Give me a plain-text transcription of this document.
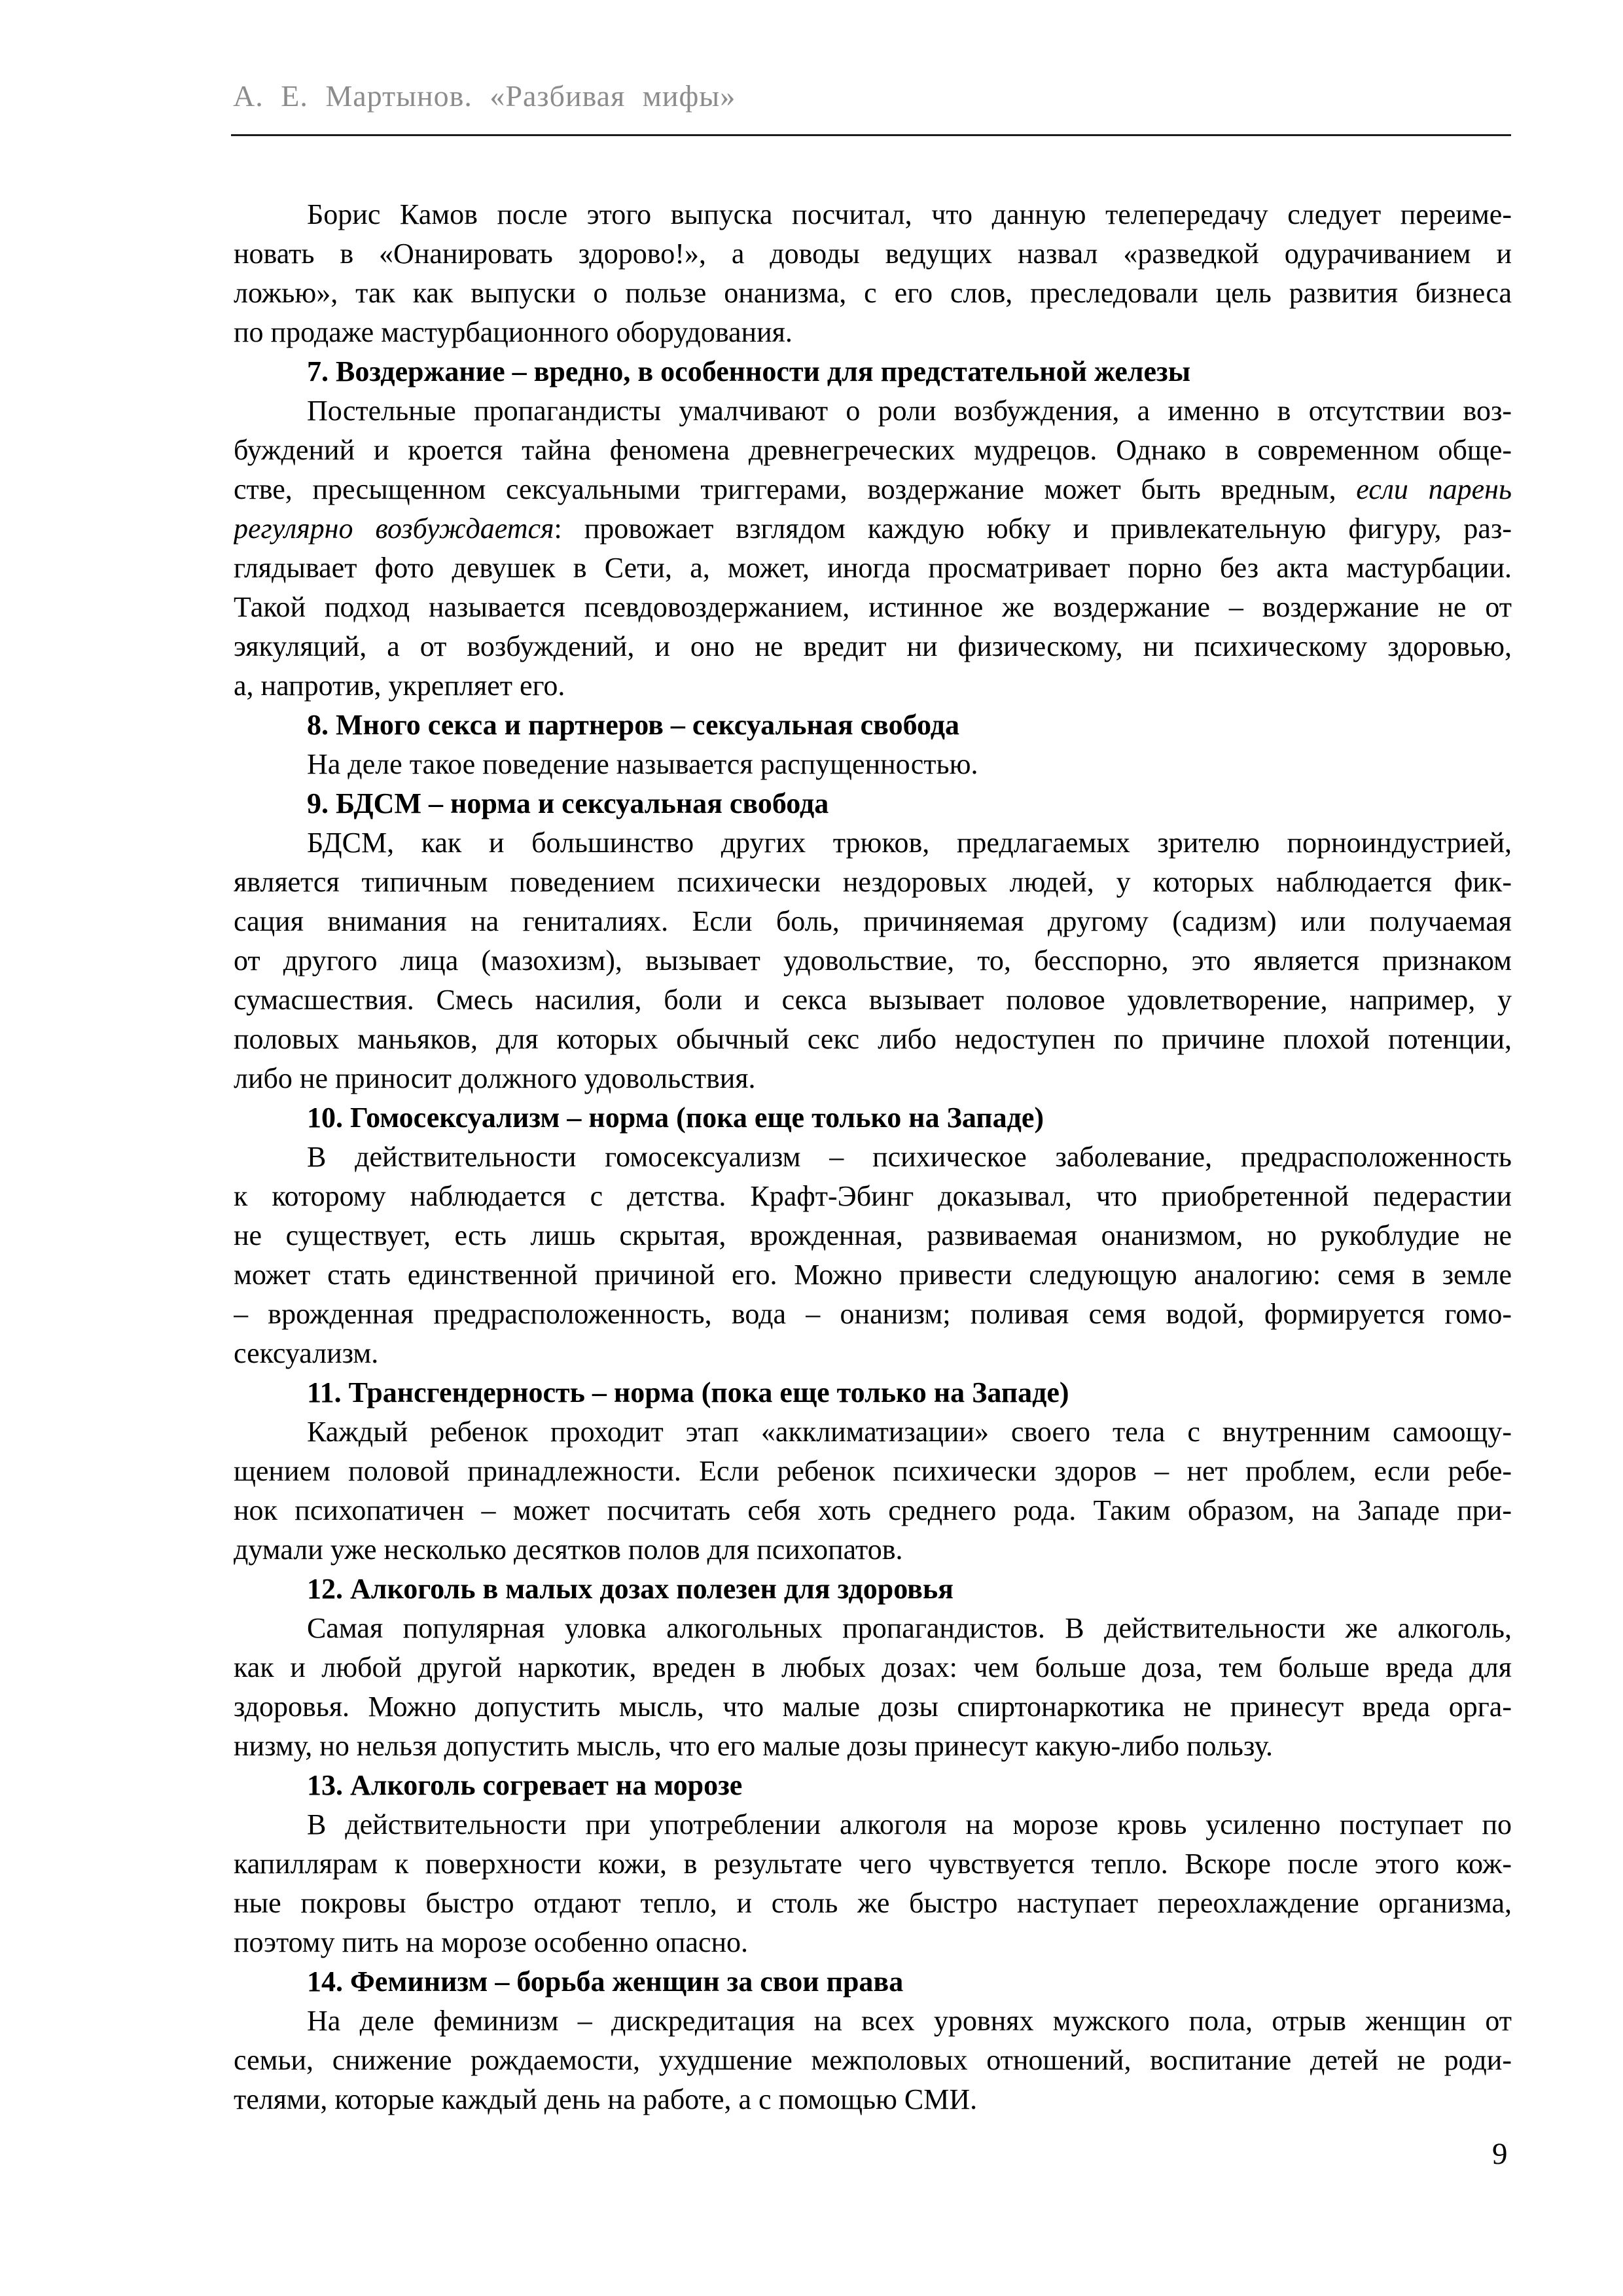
А. Е. Мартынов. «Разбивая мифы»
Борис Камов после этого выпуска посчитал, что данную телепередачу следует переиме-
новать в «Онанировать здорово!», а доводы ведущих назвал «разведкой одурачиванием и
ложью», так как выпуски о пользе онанизма, с его слов, преследовали цель развития бизнеса
по продаже мастурбационного оборудования.
7. Воздержание – вредно, в особенности для предстательной железы
Постельные пропагандисты умалчивают о роли возбуждения, а именно в отсутствии воз-
буждений и кроется тайна феномена древнегреческих мудрецов. Однако в современном обще-
стве, пресыщенном сексуальными триггерами, воздержание может быть вредным, если парень
регулярно возбуждается: провожает взглядом каждую юбку и привлекательную фигуру, раз-
глядывает фото девушек в Сети, а, может, иногда просматривает порно без акта мастурбации.
Такой подход называется псевдовоздержанием, истинное же воздержание – воздержание не от
эякуляций, а от возбуждений, и оно не вредит ни физическому, ни психическому здоровью,
а, напротив, укрепляет его.
8. Много секса и партнеров – сексуальная свобода
На деле такое поведение называется распущенностью.
9. БДСМ – норма и сексуальная свобода
БДСМ, как и большинство других трюков, предлагаемых зрителю порноиндустрией,
является типичным поведением психически нездоровых людей, у которых наблюдается фик-
сация внимания на гениталиях. Если боль, причиняемая другому (садизм) или получаемая
от другого лица (мазохизм), вызывает удовольствие, то, бесспорно, это является признаком
сумасшествия. Смесь насилия, боли и секса вызывает половое удовлетворение, например, у
половых маньяков, для которых обычный секс либо недоступен по причине плохой потенции,
либо не приносит должного удовольствия.
10. Гомосексуализм – норма (пока еще только на Западе)
В действительности гомосексуализм – психическое заболевание, предрасположенность
к которому наблюдается с детства. Крафт-Эбинг доказывал, что приобретенной педерастии
не существует, есть лишь скрытая, врожденная, развиваемая онанизмом, но рукоблудие не
может стать единственной причиной его. Можно привести следующую аналогию: семя в земле
– врожденная предрасположенность, вода – онанизм; поливая семя водой, формируется гомо-
сексуализм.
11. Трансгендерность – норма (пока еще только на Западе)
Каждый ребенок проходит этап «акклиматизации» своего тела с внутренним самоощу-
щением половой принадлежности. Если ребенок психически здоров – нет проблем, если ребе-
нок психопатичен – может посчитать себя хоть среднего рода. Таким образом, на Западе при-
думали уже несколько десятков полов для психопатов.
12. Алкоголь в малых дозах полезен для здоровья
Самая популярная уловка алкогольных пропагандистов. В действительности же алкоголь,
как и любой другой наркотик, вреден в любых дозах: чем больше доза, тем больше вреда для
здоровья. Можно допустить мысль, что малые дозы спиртонаркотика не принесут вреда орга-
низму, но нельзя допустить мысль, что его малые дозы принесут какую-либо пользу.
13. Алкоголь согревает на морозе
В действительности при употреблении алкоголя на морозе кровь усиленно поступает по
капиллярам к поверхности кожи, в результате чего чувствуется тепло. Вскоре после этого кож-
ные покровы быстро отдают тепло, и столь же быстро наступает переохлаждение организма,
поэтому пить на морозе особенно опасно.
14. Феминизм – борьба женщин за свои права
На деле феминизм – дискредитация на всех уровнях мужского пола, отрыв женщин от
семьи, снижение рождаемости, ухудшение межполовых отношений, воспитание детей не роди-
телями, которые каждый день на работе, а с помощью СМИ.
9
